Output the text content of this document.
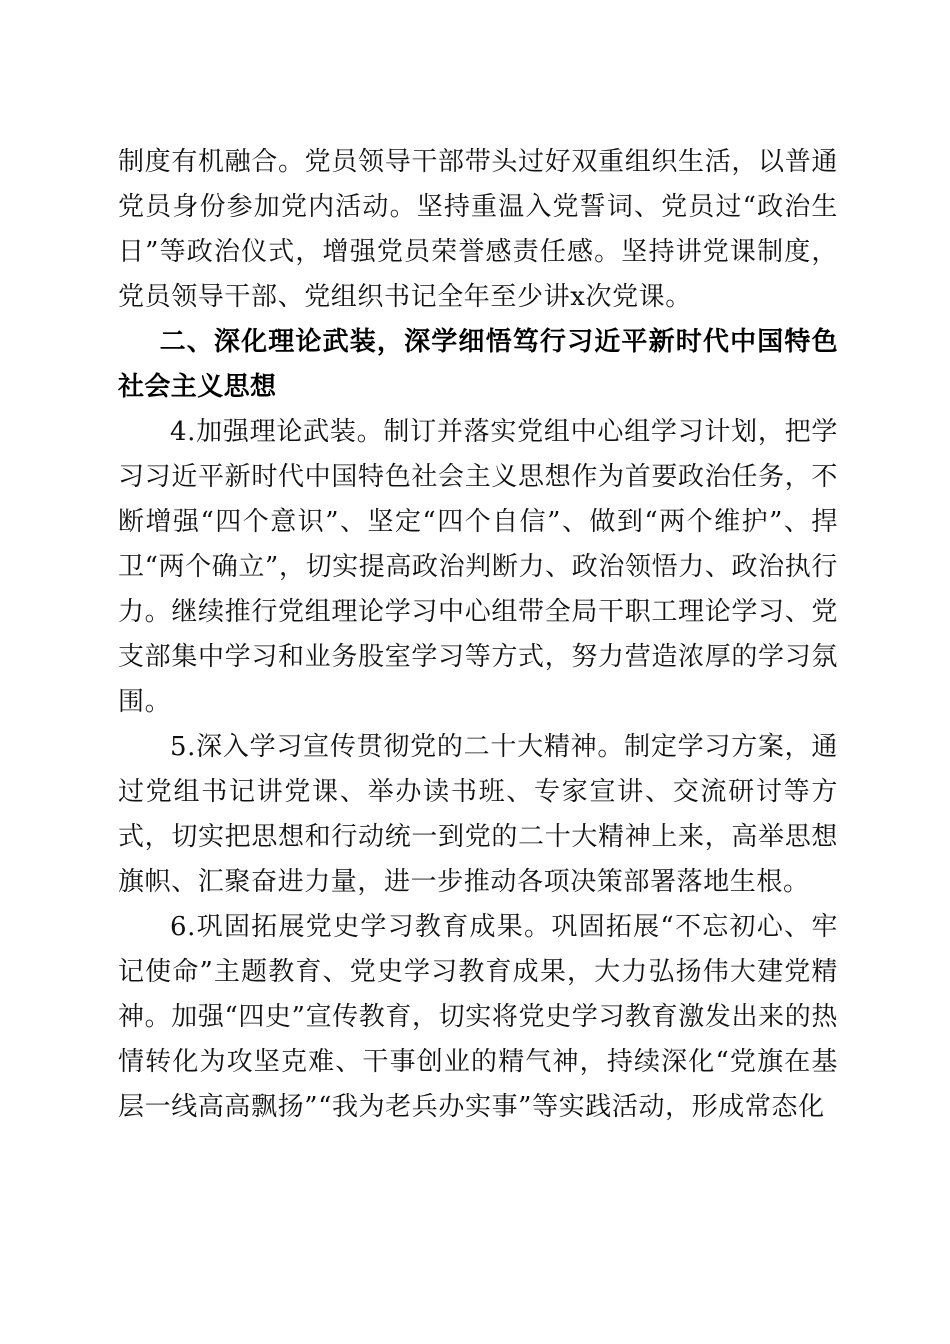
制度有机融合。党员领导干部带头过好双重组织生活，以普通党员身份参加党内活动。坚持重温入党誓词、党员过“政治生日”等政治仪式，增强党员荣誉感责任感。坚持讲党课制度，党员领导干部、党组织书记全年至少讲x次党课。

二、深化理论武装，深学细悟笃行习近平新时代中国特色社会主义思想

4.加强理论武装。制订并落实党组中心组学习计划，把学习习近平新时代中国特色社会主义思想作为首要政治任务，不断增强“四个意识”、坚定“四个自信”、做到“两个维护”、捍卫“两个确立”，切实提高政治判断力、政治领悟力、政治执行力。继续推行党组理论学习中心组带全局干职工理论学习、党支部集中学习和业务股室学习等方式，努力营造浓厚的学习氛围。

5.深入学习宣传贯彻党的二十大精神。制定学习方案，通过党组书记讲党课、举办读书班、专家宣讲、交流研讨等方式，切实把思想和行动统一到党的二十大精神上来，高举思想旗帜、汇聚奋进力量，进一步推动各项决策部署落地生根。

6.巩固拓展党史学习教育成果。巩固拓展“不忘初心、牢记使命”主题教育、党史学习教育成果，大力弘扬伟大建党精神。加强“四史”宣传教育，切实将党史学习教育激发出来的热情转化为攻坚克难、干事创业的精气神，持续深化“党旗在基层一线高高飘扬”“我为老兵办实事”等实践活动，形成常态化
